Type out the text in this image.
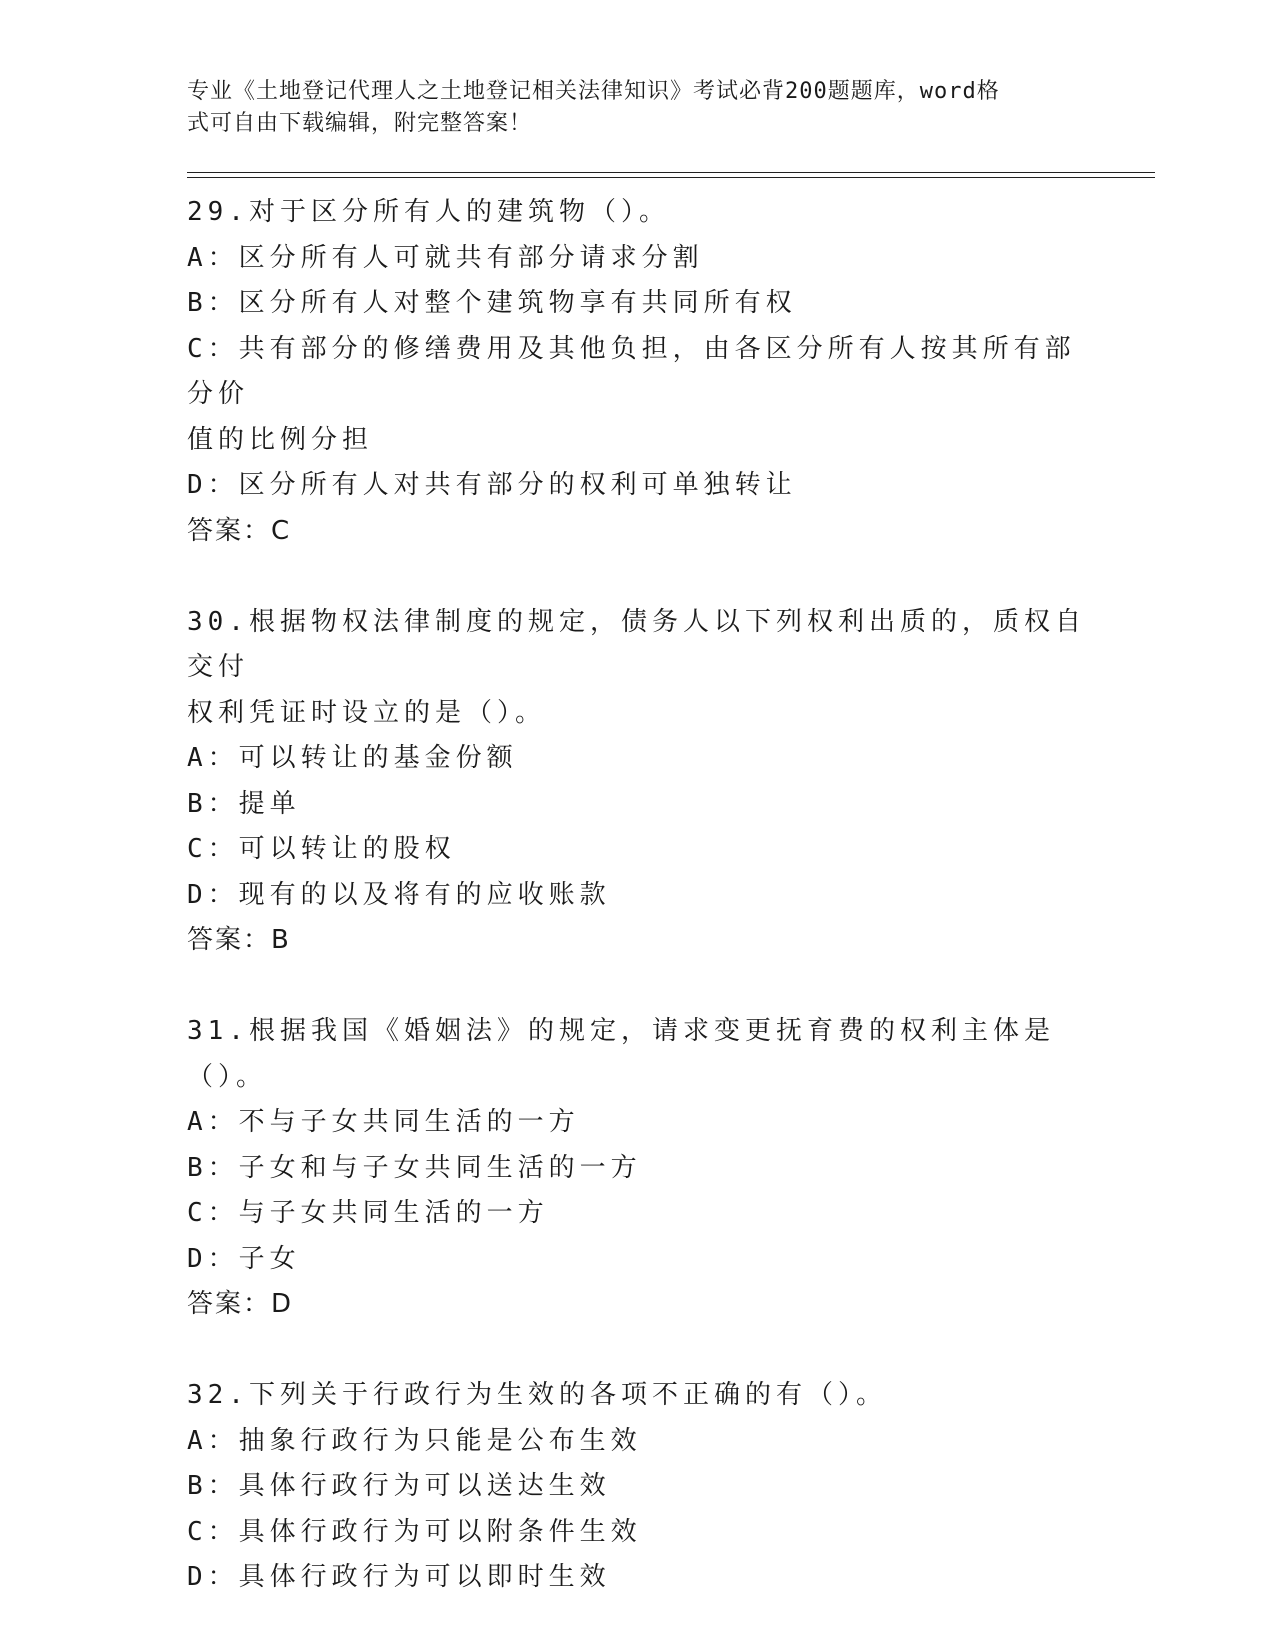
专业《土地登记代理人之土地登记相关法律知识》考试必背200题题库，word格
式可自由下载编辑，附完整答案！

29.对于区分所有人的建筑物（）。

A：区分所有人可就共有部分请求分割

B：区分所有人对整个建筑物享有共同所有权

C：共有部分的修缮费用及其他负担，由各区分所有人按其所有部分价

值的比例分担

D：区分所有人对共有部分的权利可单独转让

答案：C

30.根据物权法律制度的规定，债务人以下列权利出质的，质权自交付

权利凭证时设立的是（）。

A：可以转让的基金份额

B：提单

C：可以转让的股权

D：现有的以及将有的应收账款

答案：B

31.根据我国《婚姻法》的规定，请求变更抚育费的权利主体是（）。

A：不与子女共同生活的一方

B：子女和与子女共同生活的一方

C：与子女共同生活的一方

D：子女

答案：D

32.下列关于行政行为生效的各项不正确的有（）。

A：抽象行政行为只能是公布生效

B：具体行政行为可以送达生效

C：具体行政行为可以附条件生效

D：具体行政行为可以即时生效
